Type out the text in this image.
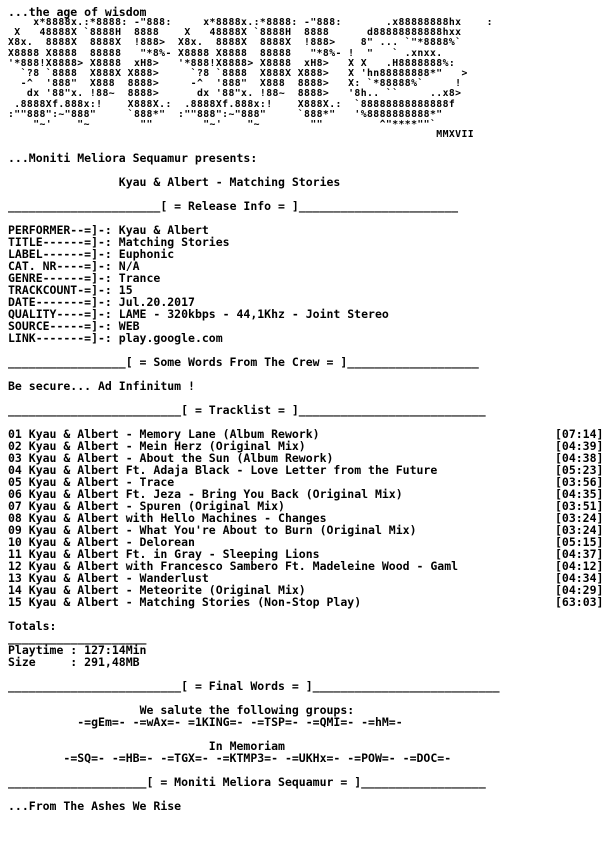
...the age of wisdom
x*8888x.:*8888: -"888:     x*8888x.:*8888: -"888:       .x88888888hx    :
X   48888X `8888H  8888    X   48888X `8888H  8888      d88888888888hxx
X8x.  8888X  8888X  !888>  X8x.  8888X  8888X  !888>    8" ... `"*8888%`
X8888 X8888  88888   "*8%- X8888 X8888  88888   "*8%- !  "   ` .xnxx.
'*888!X8888> X8888  xH8>   '*888!X8888> X8888  xH8>   X X   .H8888888%:
`?8 `8888  X888X X888>     `?8 `8888  X888X X888>   X 'hn88888888*"   >
-^  '888"  X888  8888>     -^  '888"  X888  8888>   X: `*88888%`     !
dx '88"x. !88~  8888>      dx '88"x. !88~  8888>   '8h.. ``     ..x8>
.8888Xf.888x:!    X888X.:  .8888Xf.888x:!    X888X.:  `88888888888888f
:""888":~"888"     `888*"  :""888":~"888"     `888*"   '%8888888888*"
"~'    "~        ""        "~'    "~        ""         ^"****""`
MMXVII

...Moniti Meliora Sequamur presents:

Kyau & Albert - Matching Stories

______________________[ = Release Info = ]_______________________

PERFORMER--=]-: Kyau & Albert
TITLE------=]-: Matching Stories
LABEL------=]-: Euphonic
CAT. NR----=]-: N/A
GENRE------=]-: Trance
TRACKCOUNT-=]-: 15
DATE-------=]-: Jul.20.2017
QUALITY----=]-: LAME - 320kbps - 44,1Khz - Joint Stereo
SOURCE-----=]-: WEB
LINK-------=]-: play.google.com

_________________[ = Some Words From The Crew = ]___________________

Be secure... Ad Infinitum !

_________________________[ = Tracklist = ]___________________________

01 Kyau & Albert - Memory Lane (Album Rework)	[07:14]
02 Kyau & Albert - Mein Herz (Original Mix)	[04:39]
03 Kyau & Albert - About the Sun (Album Rework)	[04:38]
04 Kyau & Albert Ft. Adaja Black - Love Letter from the Future	[05:23]
05 Kyau & Albert - Trace	[03:56]
06 Kyau & Albert Ft. Jeza - Bring You Back (Original Mix)	[04:35]
07 Kyau & Albert - Spuren (Original Mix)	[03:51]
08 Kyau & Albert with Hello Machines - Changes	[03:24]
09 Kyau & Albert - What You're About to Burn (Original Mix)	[03:24]
10 Kyau & Albert - Delorean	[05:15]
11 Kyau & Albert Ft. in Gray - Sleeping Lions	[04:37]
12 Kyau & Albert with Francesco Sambero Ft. Madeleine Wood - Gaml	[04:12]
13 Kyau & Albert - Wanderlust	[04:34]
14 Kyau & Albert - Meteorite (Original Mix)	[04:29]
15 Kyau & Albert - Matching Stories (Non-Stop Play)	[63:03]

Totals:
____________________
Playtime : 127:14Min
Size     : 291,48MB

_________________________[ = Final Words = ]___________________________

We salute the following groups:
-=gEm=- -=wAx=- =1KING=- -=TSP=- -=QMI=- -=hM=-

In Memoriam
-=SQ=- -=HB=- -=TGX=- -=KTMP3=- -=UKHx=- -=POW=- -=DOC=-

____________________[ = Moniti Meliora Sequamur = ]__________________

...From The Ashes We Rise
